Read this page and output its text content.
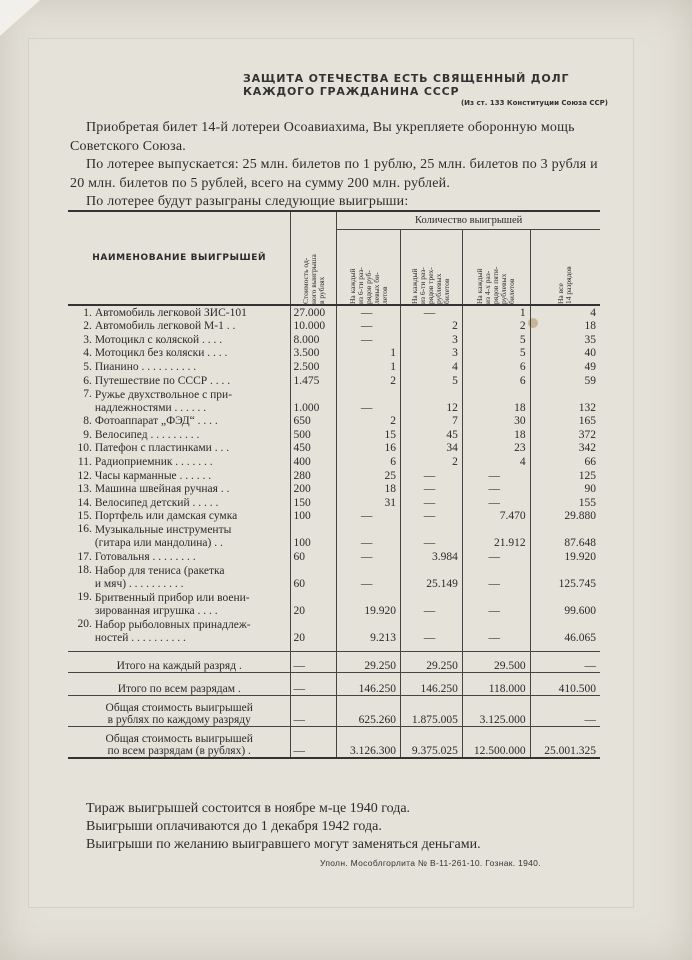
ЗАЩИТА ОТЕЧЕСТВА ЕСТЬ СВЯЩЕННЫЙ ДОЛГ
КАЖДОГО ГРАЖДАНИНА СССР
(Из ст. 133 Конституции Союза ССР)
Приобретая билет 14-й лотереи Осоавиахима, Вы укрепляете оборонную мощь Советского Союза.
По лотерее выпускается: 25 млн. билетов по 1 рублю, 25 млн. билетов по 3 рубля и 20 млн. билетов по 5 рублей, всего на сумму 200 млн. рублей.
По лотерее будут разыграны следующие выигрыши:
НАИМЕНОВАНИЕ ВЫИГРЫШЕЙ		Стоимость од-
ного выигрыша
в рублях	Количество выигрышей			

			На каждый
из 6-ти раз-
рядов руб-
левых би-
летов	На каждый
из 6-ти раз-
рядов трех-
рублевых
билетов	На каждый
из 4-х раз-
рядов пяти-
рублевых
билетов	На все
14 разрядов

1.	Автомобиль легковой ЗИС-101	27.000	—	—	1	4
2.	Автомобиль легковой М-1 . .	10.000	—	2	2	18
3.	Мотоцикл с коляской . . . .	8.000	—	3	5	35
4.	Мотоцикл без коляски . . . .	3.500	1	3	5	40
5.	Пианино . . . . . . . . . .	2.500	1	4	6	49
6.	Путешествие по СССР . . . .	1.475	2	5	6	59
7.	Ружье двухствольное с при-
надлежностями . . . . . .	1.000	—	12	18	132
8.	Фотоаппарат „ФЭД“ . . . .	650	2	7	30	165
9.	Велосипед . . . . . . . . .	500	15	45	18	372
10.	Патефон с пластинками . . .	450	16	34	23	342
11.	Радиоприемник . . . . . . .	400	6	2	4	66
12.	Часы карманные . . . . . .	280	25	—	—	125
13.	Машина швейная ручная . .	200	18	—	—	90
14.	Велосипед детский . . . . .	150	31	—	—	155
15.	Портфель или дамская сумка	100	—	—	7.470	29.880
16.	Музыкальные инструменты
(гитара или мандолина) . .	100	—	—	21.912	87.648
17.	Готовальня . . . . . . . .	60	—	3.984	—	19.920
18.	Набор для тениса (ракетка
и мяч) . . . . . . . . . .	60	—	25.149	—	125.745
19.	Бритвенный прибор или воени-
зированная игрушка . . . .	20	19.920	—	—	99.600
20.	Набор рыболовных принадлеж-
ностей . . . . . . . . . .	20	9.213	—	—	46.065

Итого на каждый разряд .		—	29.250	29.250	29.500	—
Итого по всем разрядам .		—	146.250	146.250	118.000	410.500
Общая стоимость выигрышей
в рублях по каждому разряду		—	625.260	1.875.005	3.125.000	—
Общая стоимость выигрышей
по всем разрядам (в рублях) .		—	3.126.300	9.375.025	12.500.000	25.001.325
Тираж выигрышей состоится в ноябре м-це 1940 года.
Выигрыши оплачиваются до 1 декабря 1942 года.
Выигрыши по желанию выигравшего могут заменяться деньгами.
Уполн. Мособлгорлита № В-11-261-10. Гознак. 1940.
